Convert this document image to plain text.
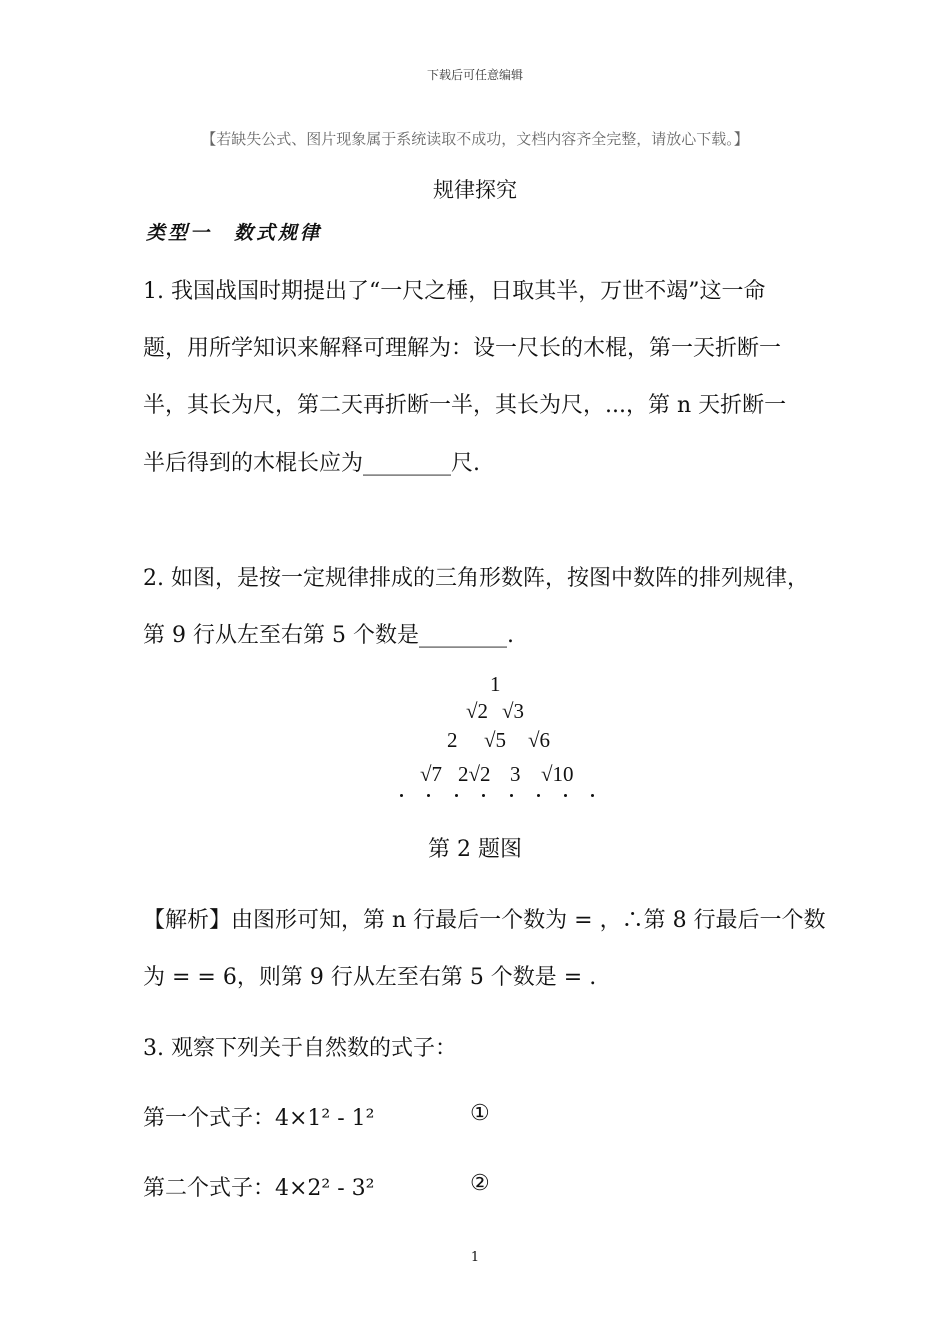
下载后可任意编辑
【若缺失公式、图片现象属于系统读取不成功，文档内容齐全完整，请放心下载。】
规律探究
类型一　数式规律
1. 我国战国时期提出了“一尺之棰，日取其半，万世不竭”这一命
题，用所学知识来解释可理解为：设一尺长的木棍，第一天折断一
半，其长为尺，第二天再折断一半，其长为尺，...，第 n 天折断一
半后得到的木棍长应为________尺.
2. 如图，是按一定规律排成的三角形数阵，按图中数阵的排列规律，
第 9 行从左至右第 5 个数是________.
1
√2 √3
2 √5 √6
√7 2√2 3 √10
第 2 题图
【解析】由图形可知，第 n 行最后一个数为 = ，∴第 8 行最后一个数
为 = = 6，则第 9 行从左至右第 5 个数是 = .
3. 观察下列关于自然数的式子：
第一个式子：4×1² - 1²	①
第二个式子：4×2² - 3²	②
1
